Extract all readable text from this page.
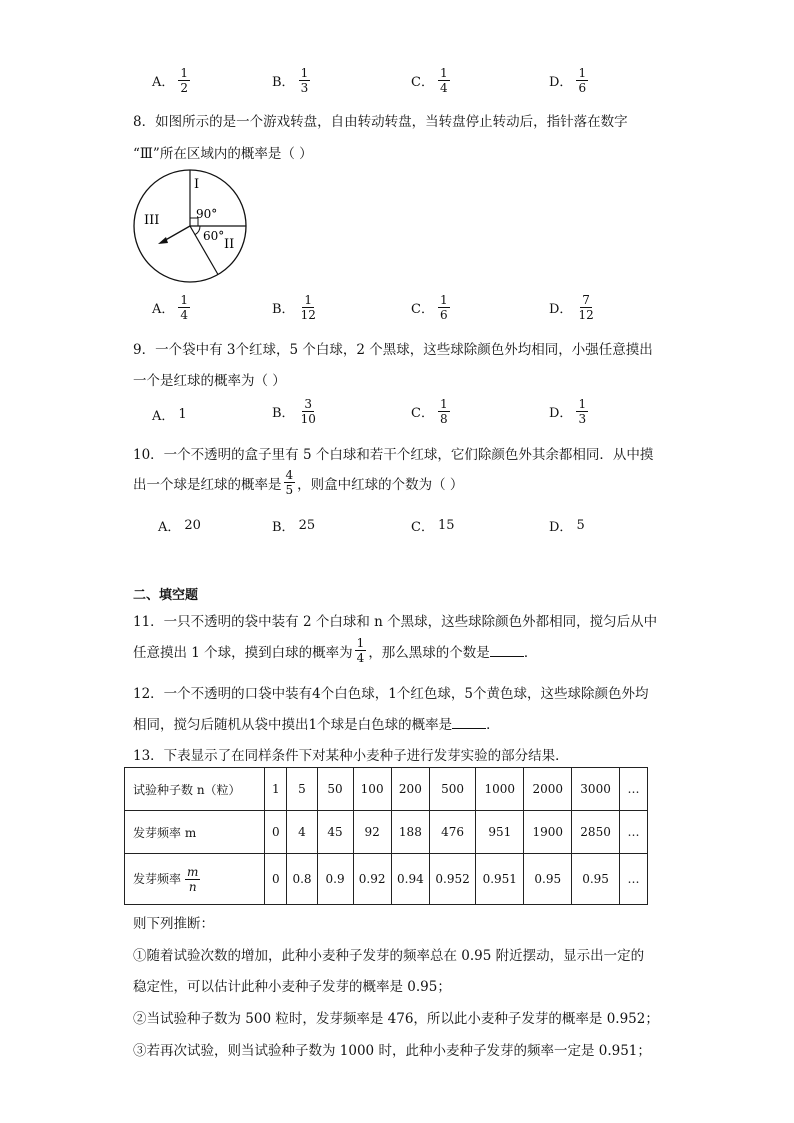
A． $\frac{1}{2}$	B． $\frac{1}{3}$	C． $\frac{1}{4}$	D． $\frac{1}{6}$
8．如图所示的是一个游戏转盘，自由转动转盘，当转盘停止转动后，指针落在数字
“Ⅲ”所在区域内的概率是（ ）
I
II
III	90°
60°
A． $\frac{1}{4}$	B． $\frac{1}{12}$	C． $\frac{1}{6}$	D． $\frac{7}{12}$
9．一个袋中有 3个红球，5 个白球，2 个黑球，这些球除颜色外均相同，小强任意摸出
一个是红球的概率为（ ）
A． 1	B． $\frac{3}{10}$	C． $\frac{1}{8}$	D． $\frac{1}{3}$
10．一个不透明的盒子里有 5 个白球和若干个红球，它们除颜色外其余都相同．从中摸
出一个球是红球的概率是 $\frac{4}{5}$ ，则盒中红球的个数为（ ）
A． 20	B． 25	C． 15	D． 5
二、填空题
11．一只不透明的袋中装有 2 个白球和 n 个黑球，这些球除颜色外都相同，搅匀后从中
任意摸出 1 个球，摸到白球的概率为 $\frac{1}{4}$ ，那么黑球的个数是	．
12．一个不透明的口袋中装有4个白色球，1个红色球，5个黄色球，这些球除颜色外均
相同，搅匀后随机从袋中摸出1个球是白色球的概率是	．
13．下表显示了在同样条件下对某种小麦种子进行发芽实验的部分结果．
试验种子数 n（粒）	1	5	50	100	200	500	1000	2000	3000	…
发芽频率 m	0	4	45	92	188	476	951	1900	2850	…
发芽频率 $\frac{m}{n}$	0	0.8	0.9	0.92	0.94	0.952	0.951	0.95	0.95	…
则下列推断：
①随着试验次数的增加，此种小麦种子发芽的频率总在 0.95 附近摆动，显示出一定的
稳定性，可以估计此种小麦种子发芽的概率是 0.95；
②当试验种子数为 500 粒时，发芽频率是 476，所以此小麦种子发芽的概率是 0.952；
③若再次试验，则当试验种子数为 1000 时，此种小麦种子发芽的频率一定是 0.951；
